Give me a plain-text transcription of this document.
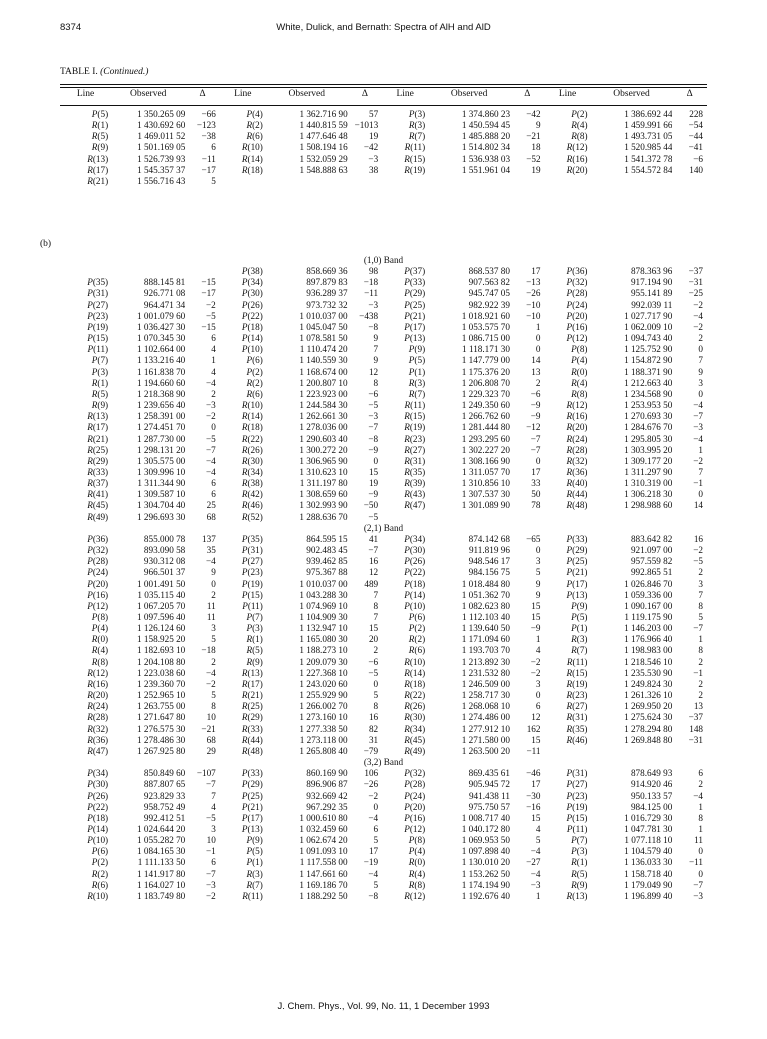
8374	White, Dulick, and Bernath: Spectra of AlH and AlD
TABLE I. (Continued.)
Line	Observed	Δ	Line	Observed	Δ	Line	Observed	Δ	Line	Observed	Δ
P(5)	1 350.265 09	−66	P(4)	1 362.716 90	57	P(3)	1 374.860 23	−42	P(2)	1 386.692 44	228
R(1)	1 430.692 60	−123	R(2)	1 440.815 59	−1013	R(3)	1 450.594 45	9	R(4)	1 459.991 66	−54
R(5)	1 469.011 52	−38	R(6)	1 477.646 48	19	R(7)	1 485.888 20	−21	R(8)	1 493.731 05	−44
R(9)	1 501.169 05	6	R(10)	1 508.194 16	−42	R(11)	1 514.802 34	18	R(12)	1 520.985 44	−41
R(13)	1 526.739 93	−11	R(14)	1 532.059 29	−3	R(15)	1 536.938 03	−52	R(16)	1 541.372 78	−6
R(17)	1 545.357 37	−17	R(18)	1 548.888 63	38	R(19)	1 551.961 04	19	R(20)	1 554.572 84	140
R(21)	1 556.716 43	5									
(b)
(1,0) Band											
			P(38)	858.669 36	98	P(37)	868.537 80	17	P(36)	878.363 96	−37
P(35)	888.145 81	−15	P(34)	897.879 83	−18	P(33)	907.563 82	−13	P(32)	917.194 90	−31
P(31)	926.771 08	−17	P(30)	936.289 37	−11	P(29)	945.747 05	−26	P(28)	955.141 89	−25
P(27)	964.471 34	−2	P(26)	973.732 32	−3	P(25)	982.922 39	−10	P(24)	992.039 11	−2
P(23)	1 001.079 60	−5	P(22)	1 010.037 00	−438	P(21)	1 018.921 60	−10	P(20)	1 027.717 90	−4
P(19)	1 036.427 30	−15	P(18)	1 045.047 50	−8	P(17)	1 053.575 70	1	P(16)	1 062.009 10	−2
P(15)	1 070.345 30	6	P(14)	1 078.581 50	9	P(13)	1 086.715 00	0	P(12)	1 094.743 40	2
P(11)	1 102.664 00	4	P(10)	1 110.474 20	7	P(9)	1 118.171 30	0	P(8)	1 125.752 90	0
P(7)	1 133.216 40	1	P(6)	1 140.559 30	9	P(5)	1 147.779 00	14	P(4)	1 154.872 90	7
P(3)	1 161.838 70	4	P(2)	1 168.674 00	12	P(1)	1 175.376 20	13	R(0)	1 188.371 90	9
R(1)	1 194.660 60	−4	R(2)	1 200.807 10	8	R(3)	1 206.808 70	2	R(4)	1 212.663 40	3
R(5)	1 218.368 90	2	R(6)	1 223.923 00	−6	R(7)	1 229.323 70	−6	R(8)	1 234.568 90	0
R(9)	1 239.656 40	−3	R(10)	1 244.584 30	−5	R(11)	1 249.350 60	−9	R(12)	1 253.953 50	−4
R(13)	1 258.391 00	−2	R(14)	1 262.661 30	−3	R(15)	1 266.762 60	−9	R(16)	1 270.693 30	−7
R(17)	1 274.451 70	0	R(18)	1 278.036 00	−7	R(19)	1 281.444 80	−12	R(20)	1 284.676 70	−3
R(21)	1 287.730 00	−5	R(22)	1 290.603 40	−8	R(23)	1 293.295 60	−7	R(24)	1 295.805 30	−4
R(25)	1 298.131 20	−7	R(26)	1 300.272 20	−9	R(27)	1 302.227 20	−7	R(28)	1 303.995 20	1
R(29)	1 305.575 00	−4	R(30)	1 306.965 90	0	R(31)	1 308.166 90	0	R(32)	1 309.177 20	−2
R(33)	1 309.996 10	−4	R(34)	1 310.623 10	15	R(35)	1 311.057 70	17	R(36)	1 311.297 90	7
R(37)	1 311.344 90	6	R(38)	1 311.197 80	19	R(39)	1 310.856 10	33	R(40)	1 310.319 00	−1
R(41)	1 309.587 10	6	R(42)	1 308.659 60	−9	R(43)	1 307.537 30	50	R(44)	1 306.218 30	0
R(45)	1 304.704 40	25	R(46)	1 302.993 90	−50	R(47)	1 301.089 90	78	R(48)	1 298.988 60	14
R(49)	1 296.693 30	68	R(52)	1 288.636 70	−5						
(2,1) Band											
P(36)	855.000 78	137	P(35)	864.595 15	41	P(34)	874.142 68	−65	P(33)	883.642 82	16
P(32)	893.090 58	35	P(31)	902.483 45	−7	P(30)	911.819 96	0	P(29)	921.097 00	−2
P(28)	930.312 08	−4	P(27)	939.462 85	16	P(26)	948.546 17	3	P(25)	957.559 82	−5
P(24)	966.501 37	9	P(23)	975.367 88	12	P(22)	984.156 75	5	P(21)	992.865 51	2
P(20)	1 001.491 50	0	P(19)	1 010.037 00	489	P(18)	1 018.484 80	9	P(17)	1 026.846 70	3
P(16)	1 035.115 40	2	P(15)	1 043.288 30	7	P(14)	1 051.362 70	9	P(13)	1 059.336 00	7
P(12)	1 067.205 70	11	P(11)	1 074.969 10	8	P(10)	1 082.623 80	15	P(9)	1 090.167 00	8
P(8)	1 097.596 40	11	P(7)	1 104.909 30	7	P(6)	1 112.103 40	15	P(5)	1 119.175 90	5
P(4)	1 126.124 60	3	P(3)	1 132.947 10	15	P(2)	1 139.640 50	−9	P(1)	1 146.203 00	−7
R(0)	1 158.925 20	5	R(1)	1 165.080 30	20	R(2)	1 171.094 60	1	R(3)	1 176.966 40	1
R(4)	1 182.693 10	−18	R(5)	1 188.273 10	2	R(6)	1 193.703 70	4	R(7)	1 198.983 00	8
R(8)	1 204.108 80	2	R(9)	1 209.079 30	−6	R(10)	1 213.892 30	−2	R(11)	1 218.546 10	2
R(12)	1 223.038 60	−4	R(13)	1 227.368 10	−5	R(14)	1 231.532 80	−2	R(15)	1 235.530 90	−1
R(16)	1 239.360 70	−2	R(17)	1 243.020 60	0	R(18)	1 246.509 00	3	R(19)	1 249.824 30	2
R(20)	1 252.965 10	5	R(21)	1 255.929 90	5	R(22)	1 258.717 30	0	R(23)	1 261.326 10	2
R(24)	1 263.755 00	8	R(25)	1 266.002 70	8	R(26)	1 268.068 10	6	R(27)	1 269.950 20	13
R(28)	1 271.647 80	10	R(29)	1 273.160 10	16	R(30)	1 274.486 00	12	R(31)	1 275.624 30	−37
R(32)	1 276.575 30	−21	R(33)	1 277.338 50	82	R(34)	1 277.912 10	162	R(35)	1 278.294 80	148
R(36)	1 278.486 30	68	R(44)	1 273.118 00	31	R(45)	1 271.580 00	15	R(46)	1 269.848 80	−31
R(47)	1 267.925 80	29	R(48)	1 265.808 40	−79	R(49)	1 263.500 20	−11			
(3,2) Band											
P(34)	850.849 60	−107	P(33)	860.169 90	106	P(32)	869.435 61	−46	P(31)	878.649 93	6
P(30)	887.807 65	−7	P(29)	896.906 87	−26	P(28)	905.945 72	17	P(27)	914.920 46	2
P(26)	923.829 33	7	P(25)	932.669 42	−2	P(24)	941.438 11	−30	P(23)	950.133 57	−4
P(22)	958.752 49	4	P(21)	967.292 35	0	P(20)	975.750 57	−16	P(19)	984.125 00	1
P(18)	992.412 51	−5	P(17)	1 000.610 80	−4	P(16)	1 008.717 40	15	P(15)	1 016.729 30	8
P(14)	1 024.644 20	3	P(13)	1 032.459 60	6	P(12)	1 040.172 80	4	P(11)	1 047.781 30	1
P(10)	1 055.282 70	10	P(9)	1 062.674 20	5	P(8)	1 069.953 50	5	P(7)	1 077.118 10	11
P(6)	1 084.165 30	−1	P(5)	1 091.093 10	17	P(4)	1 097.898 40	−4	P(3)	1 104.579 40	0
P(2)	1 111.133 50	6	P(1)	1 117.558 00	−19	R(0)	1 130.010 20	−27	R(1)	1 136.033 30	−11
R(2)	1 141.917 80	−7	R(3)	1 147.661 60	−4	R(4)	1 153.262 50	−4	R(5)	1 158.718 40	0
R(6)	1 164.027 10	−3	R(7)	1 169.186 70	5	R(8)	1 174.194 90	−3	R(9)	1 179.049 90	−7
R(10)	1 183.749 80	−2	R(11)	1 188.292 50	−8	R(12)	1 192.676 40	1	R(13)	1 196.899 40	−3
J. Chem. Phys., Vol. 99, No. 11, 1 December 1993
